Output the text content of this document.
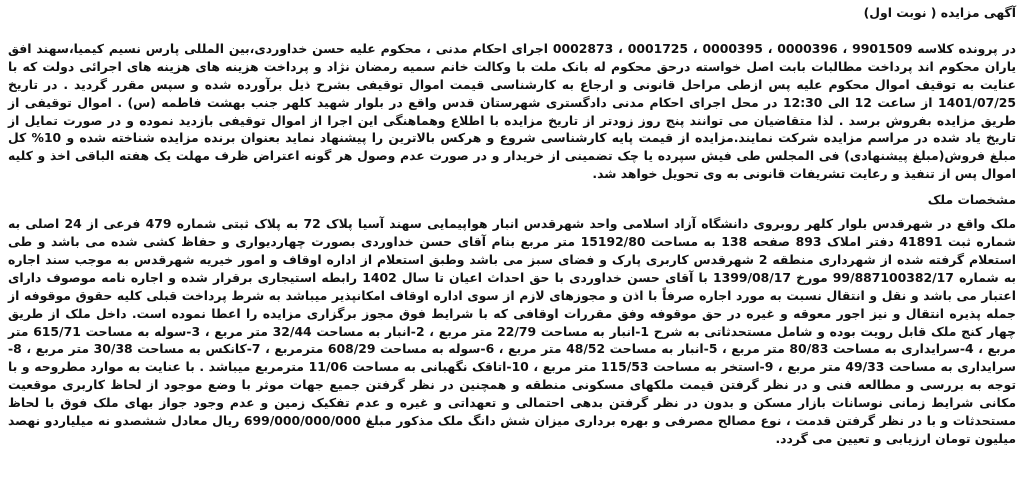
آگهی مزایده ( نوبت اول)

در پرونده کلاسه 9901509 ، 0000396 ، 0000395 ، 0001725 ، 0002873 اجرای احکام مدنی ، محکوم علیه حسن خداوردی،بین المللی پارس نسیم کیمیا،سهند افق یاران محکوم اند پرداخت مطالبات بابت اصل خواسته درحق محکوم له بانک ملت با وکالت خانم سمیه رمضان نژاد و پرداخت هزینه های هزینه های اجرائی دولت که با عنایت به توقیف اموال محکوم علیه پس ازطی مراحل قانونی و ارجاع به کارشناسی قیمت اموال توقیفی بشرح ذیل برآورده شده و سپس مقرر گردید . در تاریخ 1401/07/25 از ساعت 12 الی 12:30 در محل اجرای احکام مدنی دادگستری شهرستان قدس واقع در بلوار شهید کلهر جنب بهشت فاطمه (س) . اموال توقیفی از طریق مزایده بفروش برسد . لذا متقاضیان می توانند پنج روز زودتر از تاریخ مزایده با اطلاع وهماهنگی این اجرا از اموال توقیفی بازدید نموده و در صورت تمایل از تاریخ یاد شده در مراسم مزایده شرکت نمایند.مزایده از قیمت پایه کارشناسی شروع و هرکس بالاترین را پیشنهاد نماید بعنوان برنده مزایده شناخته شده و 10% کل مبلغ فروش(مبلغ پیشنهادی) فی المجلس طی فیش سپرده یا چک تضمینی از خریدار و در صورت عدم وصول هر گونه اعتراض ظرف مهلت یک هفته الباقی اخذ و کلیه اموال پس از تنفیذ و رعایت تشریفات قانونی به وی تحویل خواهد شد.

مشخصات ملک

ملک واقع در شهرقدس بلوار کلهر روبروی دانشگاه آزاد اسلامی واحد شهرقدس انبار هواپیمایی سهند آسیا پلاک 72 به پلاک ثبتی شماره 479 فرعی از 24 اصلی به شماره ثبت 41891 دفتر املاک 893 صفحه 138 به مساحت 15192/80 متر مربع بنام آقای حسن خداوردی بصورت چهاردیواری و حفاظ کشی شده می باشد و طی استعلام گرفته شده از شهرداری منطقه 2 شهرقدس کاربری پارک و فضای سبز می باشد وطبق استعلام از اداره اوقاف و امور خیریه شهرقدس به موجب سند اجاره به شماره 99/887100382/17 مورخ 1399/08/17 با آقای حسن خداوردی با حق احداث اعیان تا سال 1402 رابطه استیجاری برقرار شده و اجاره نامه موصوف دارای اعتبار می باشد و نقل و انتقال نسبت به مورد اجاره صرفاً با اذن و مجوزهای لازم از سوی اداره اوقاف امکانپذیر میباشد به شرط پرداخت قبلی کلیه حقوق موقوفه از جمله پذیره انتقال و نیز اجور معوقه و غیره در حق موقوفه وفق مقررات اوقافی که با شرایط فوق مجوز برگزاری مزایده را اعطا نموده است. داخل ملک از طریق چهار کنج ملک قابل رویت بوده و شامل مستحدثاتی به شرح 1-انبار به مساحت 22/79 متر مربع ، 2-انبار به مساحت 32/44 متر مربع ، 3-سوله به مساحت 615/71 متر مربع ، 4-سرایداری به مساحت 80/83 متر مربع ، 5-انبار به مساحت 48/52 متر مربع ، 6-سوله به مساحت 608/29 مترمربع ، 7-کانکس به مساحت 30/38 متر مربع ، 8-سرایداری به مساحت 49/33 متر مربع ، 9-استخر به مساحت 115/53 متر مربع ، 10-اتاقک نگهبانی به مساحت 11/06 مترمربع میباشد . با عنایت به موارد مطروحه و با توجه به بررسی و مطالعه فنی و در نظر گرفتن قیمت ملکهای مسکونی منطقه و همچنین در نظر گرفتن جمیع جهات موثر با وضع موجود از لحاظ کاربری موقعیت مکانی شرایط زمانی نوسانات بازار مسکن و بدون در نظر گرفتن بدهی احتمالی و تعهداتی و غیره و عدم تفکیک زمین و عدم وجود جواز بهای ملک فوق با لحاظ مستحدثات و با در نظر گرفتن قدمت ، نوع مصالح مصرفی و بهره برداری میزان شش دانگ ملک مذکور مبلغ 699/000/000/000 ریال معادل ششصدو نه میلیاردو نهصد میلیون تومان ارزیابی و تعیین می گردد.
